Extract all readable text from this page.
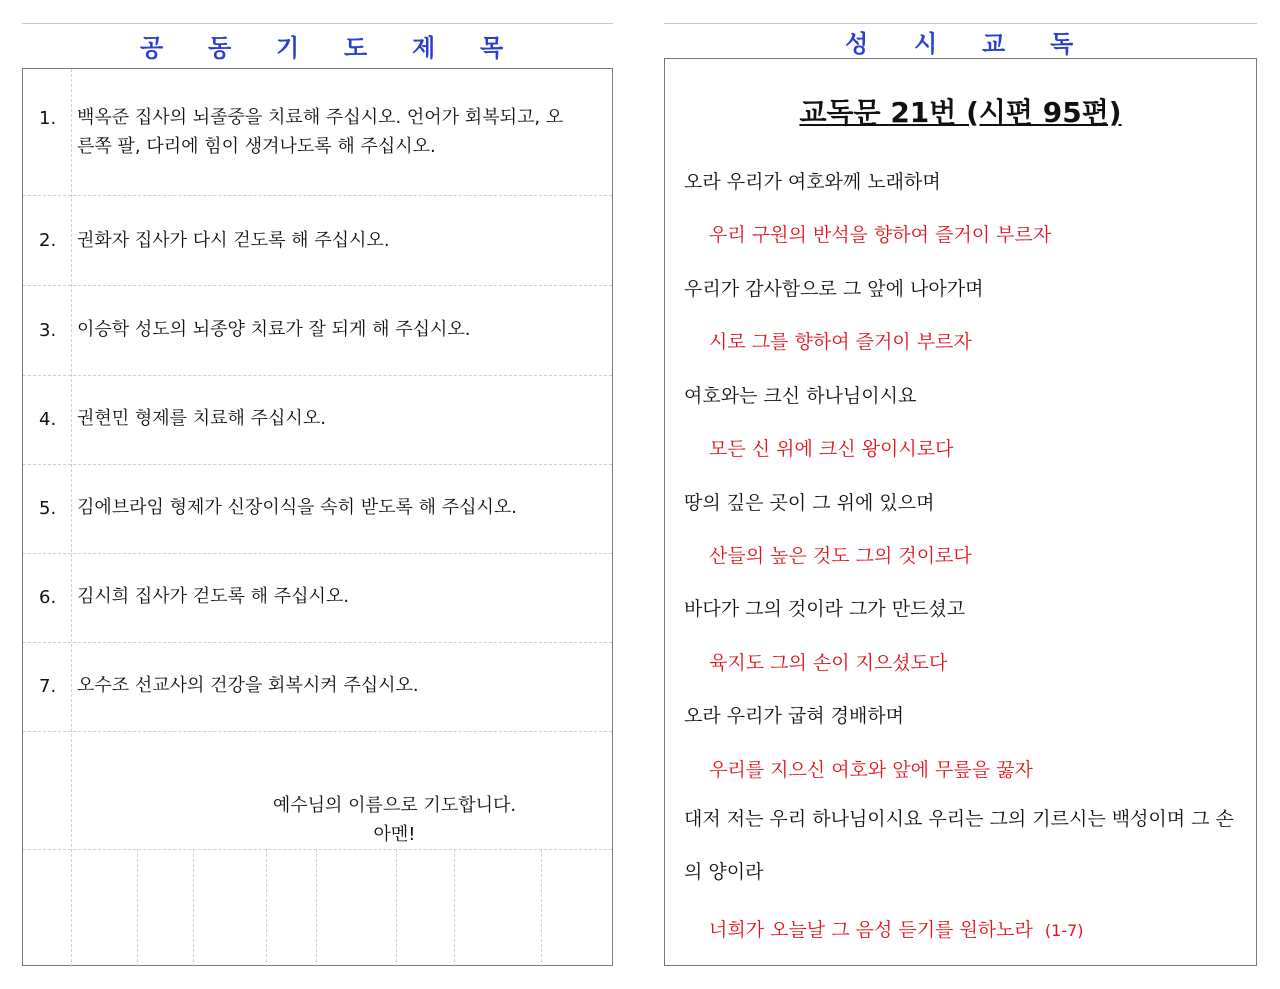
공 동 기 도 제 목	성 시 교 독
1. 백옥준 집사의 뇌졸중을 치료해 주십시오. 언어가 회복되고, 오른쪽 팔, 다리에 힘이 생겨나도록 해 주십시오.
2. 권화자 집사가 다시 걷도록 해 주십시오.
3. 이승학 성도의 뇌종양 치료가 잘 되게 해 주십시오.
4. 권현민 형제를 치료해 주십시오.
5. 김에브라임 형제가 신장이식을 속히 받도록 해 주십시오.
6. 김시희 집사가 걷도록 해 주십시오.
7. 오수조 선교사의 건강을 회복시켜 주십시오.
예수님의 이름으로 기도합니다.
아멘!
교독문 21번 (시편 95편)
오라 우리가 여호와께 노래하며
우리 구원의 반석을 향하여 즐거이 부르자
우리가 감사함으로 그 앞에 나아가며
시로 그를 향하여 즐거이 부르자
여호와는 크신 하나님이시요
모든 신 위에 크신 왕이시로다
땅의 깊은 곳이 그 위에 있으며
산들의 높은 것도 그의 것이로다
바다가 그의 것이라 그가 만드셨고
육지도 그의 손이 지으셨도다
오라 우리가 굽혀 경배하며
우리를 지으신 여호와 앞에 무릎을 꿇자
대저 저는 우리 하나님이시요 우리는 그의 기르시는 백성이며 그 손의 양이라
너희가 오늘날 그 음성 듣기를 원하노라 (1-7)
